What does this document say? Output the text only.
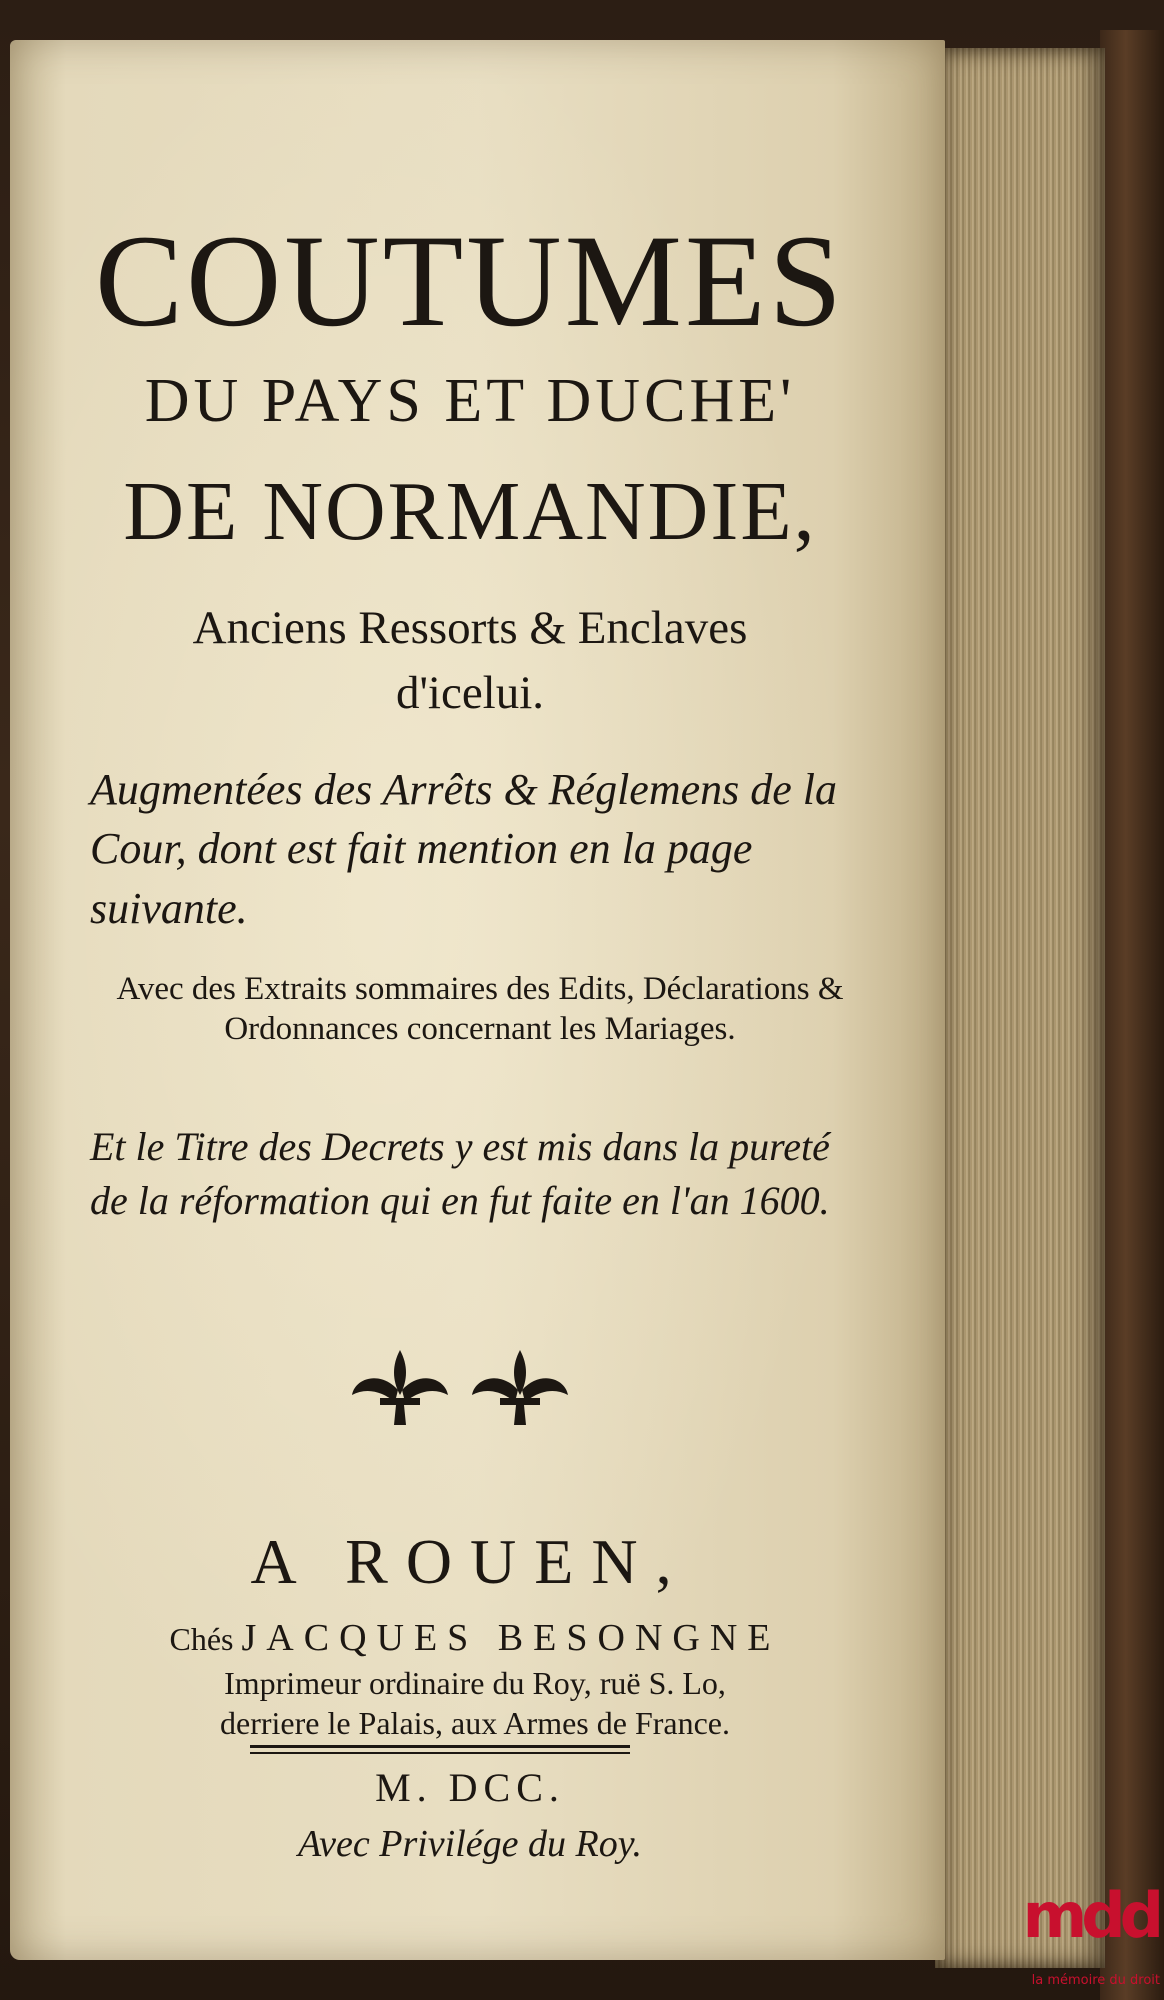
COUTUMES
DU PAYS ET DUCHE'
DE NORMANDIE,
Anciens Ressorts & Enclaves
d'icelui.
Augmentées des Arrêts & Réglemens de la Cour, dont est fait mention en la page suivante.
Avec des Extraits sommaires des Edits, Déclarations & Ordonnances concernant les Mariages.
Et le Titre des Decrets y est mis dans la pureté de la réformation qui en fut faite en l'an 1600.
A ROUEN,
Chés JACQUES BESONGNE
Imprimeur ordinaire du Roy, ruë S. Lo,
derriere le Palais, aux Armes de France.
M. DCC.
Avec Privilége du Roy.
mdd
la mémoire du droit
